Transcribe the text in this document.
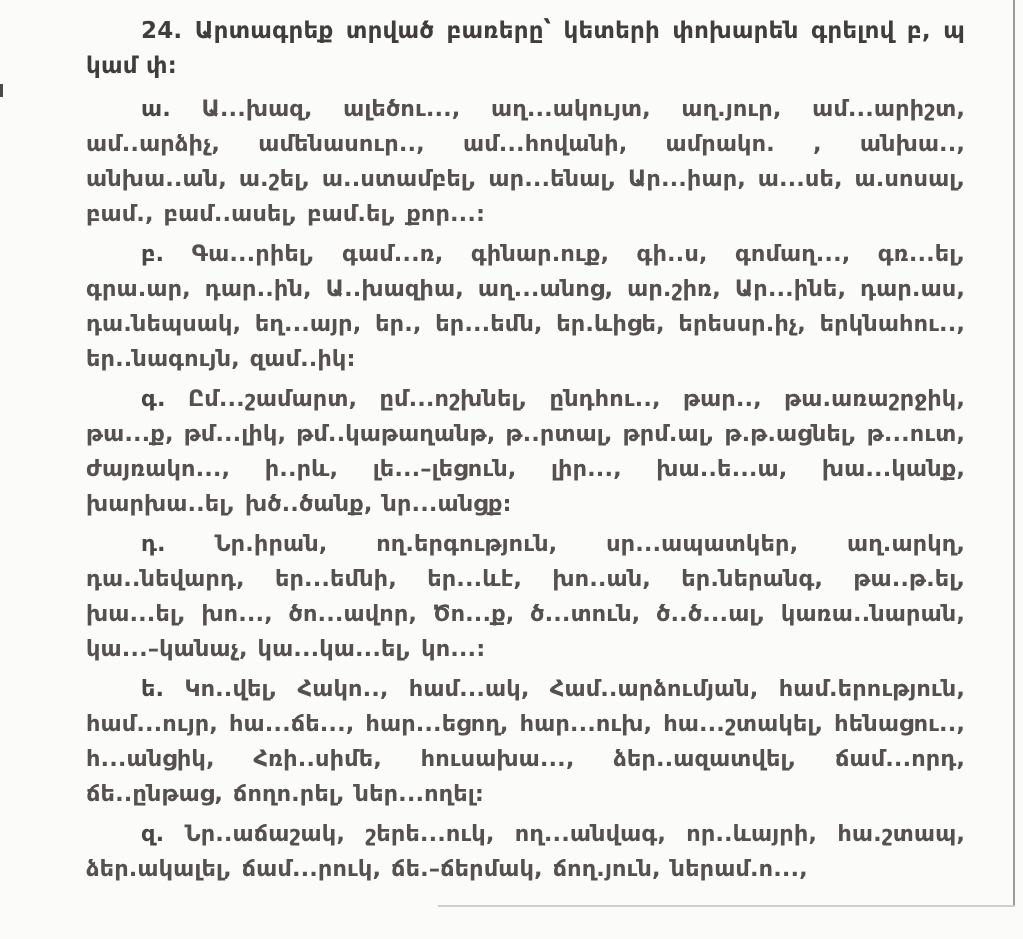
24. Արտագրեք տրված բառերը՝ կետերի փոխարեն գրելով բ, պ կամ փ:

ա. Ա...խազ, ալեծու..., աղ...ակույտ, աղ.յուր, ամ...արիշտ, ամ..արձիչ, ամենասուր.., ամ...հովանի, ամրակո. , անխա.., անխա..ան, ա.շել, ա..ստամբել, ար...ենալ, Ար...իար, ա...սե, ա.սոսալ, բամ., բամ..ասել, բամ.ել, քոր...:

բ. Գա...րիել, գամ...ռ, գինար.ուք, գի..ս, գոմաղ..., գռ...ել, գրա.ար, դար..ին, Ա..խազիա, աղ...անոց, ար.շիռ, Ար...ինե, դար.աս, դա.նեպսակ, եղ...այր, եր., եր...եմն, եր.ևիցե, երեսսր.իչ, երկնահու.., եր..նագույն, զամ..իկ:

գ. Ըմ...շամարտ, ըմ...ոշխնել, ընդհու.., թար.., թա.առաշրջիկ, թա...ք, թմ...լիկ, թմ..կաթաղանթ, թ..րտալ, թրմ.ալ, թ.թ.ացնել, թ...ուտ, ժայռակո..., ի..րև, լե...–լեցուն, լիր..., խա..ե...ա, խա...կանք, խարխա..ել, խծ..ծանք, նր...անցք:

դ. Նր.իրան, ող.երգություն, սր...ապատկեր, աղ.արկղ, դա..նեվարդ, եր...եմնի, եր...ևէ, խո..ան, եր.ներանգ, թա..թ.ել, խա...ել, խո..., ծո...ավոր, Ծո...ք, ծ...տուն, ծ..ծ...ալ, կառա..նարան, կա...–կանաչ, կա...կա...ել, կո...:

ե. Կո..վել, Հակո.., համ...ակ, Համ..արձումյան, համ.երություն, համ...ույր, հա...ճե..., հար...եցող, հար...ուխ, հա...շտակել, հենացու.., հ...անցիկ, Հռի..սիմե, հուսախա..., ձեր..ազատվել, ճամ...որդ, ճե..ընթաց, ճողո.րել, ներ...ողել:

զ. Նր..աճաշակ, շերե...ուկ, ող...անվագ, որ..ևայրի, հա.շտապ, ձեր.ակալել, ճամ...րուկ, ճե.–ճերմակ, ճող.յուն, ներամ.ո...,
